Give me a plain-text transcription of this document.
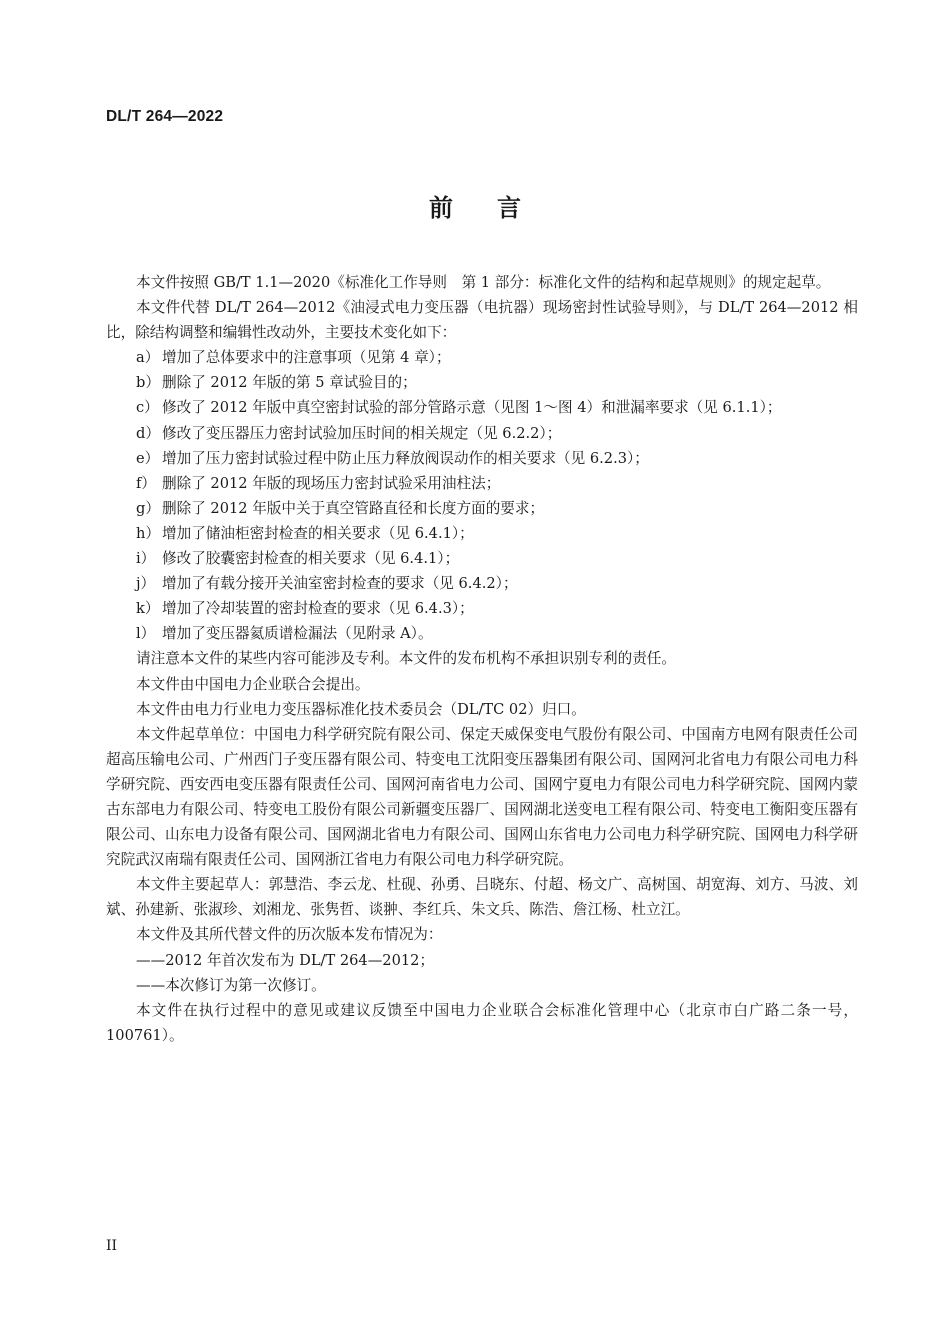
DL/T 264—2022
前言

本文件按照 GB/T 1.1—2020《标准化工作导则　第 1 部分：标准化文件的结构和起草规则》的规定起草。

本文件代替 DL/T 264—2012《油浸式电力变压器（电抗器）现场密封性试验导则》，与 DL/T 264—2012 相比，除结构调整和编辑性改动外，主要技术变化如下：

a） 增加了总体要求中的注意事项（见第 4 章）；

b） 删除了 2012 年版的第 5 章试验目的；

c） 修改了 2012 年版中真空密封试验的部分管路示意（见图 1～图 4）和泄漏率要求（见 6.1.1）；

d） 修改了变压器压力密封试验加压时间的相关规定（见 6.2.2）；

e） 增加了压力密封试验过程中防止压力释放阀误动作的相关要求（见 6.2.3）；

f） 删除了 2012 年版的现场压力密封试验采用油柱法；

g） 删除了 2012 年版中关于真空管路直径和长度方面的要求；

h） 增加了储油柜密封检查的相关要求（见 6.4.1）；

i） 修改了胶囊密封检查的相关要求（见 6.4.1）；

j） 增加了有载分接开关油室密封检查的要求（见 6.4.2）；

k） 增加了冷却装置的密封检查的要求（见 6.4.3）；

l） 增加了变压器氦质谱检漏法（见附录 A）。

请注意本文件的某些内容可能涉及专利。本文件的发布机构不承担识别专利的责任。

本文件由中国电力企业联合会提出。

本文件由电力行业电力变压器标准化技术委员会（DL/TC 02）归口。

本文件起草单位：中国电力科学研究院有限公司、保定天威保变电气股份有限公司、中国南方电网有限责任公司超高压输电公司、广州西门子变压器有限公司、特变电工沈阳变压器集团有限公司、国网河北省电力有限公司电力科学研究院、西安西电变压器有限责任公司、国网河南省电力公司、国网宁夏电力有限公司电力科学研究院、国网内蒙古东部电力有限公司、特变电工股份有限公司新疆变压器厂、国网湖北送变电工程有限公司、特变电工衡阳变压器有限公司、山东电力设备有限公司、国网湖北省电力有限公司、国网山东省电力公司电力科学研究院、国网电力科学研究院武汉南瑞有限责任公司、国网浙江省电力有限公司电力科学研究院。

本文件主要起草人：郭慧浩、李云龙、杜砚、孙勇、吕晓东、付超、杨文广、高树国、胡宽海、刘方、马波、刘斌、孙建新、张淑珍、刘湘龙、张隽哲、谈翀、李红兵、朱文兵、陈浩、詹江杨、杜立江。

本文件及其所代替文件的历次版本发布情况为：

——2012 年首次发布为 DL/T 264—2012；

——本次修订为第一次修订。

本文件在执行过程中的意见或建议反馈至中国电力企业联合会标准化管理中心（北京市白广路二条一号，100761）。

II
